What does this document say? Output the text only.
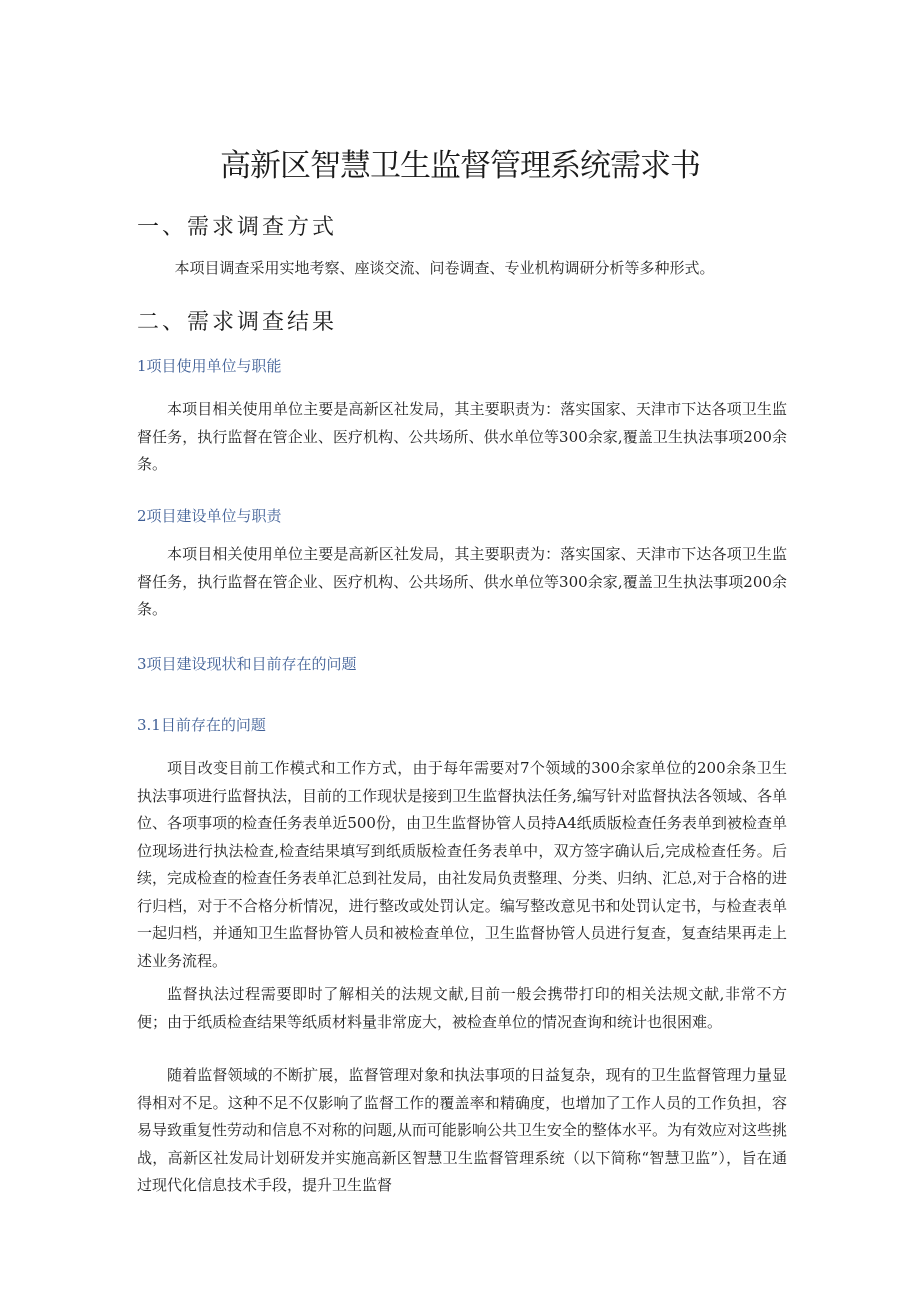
高新区智慧卫生监督管理系统需求书
一、需求调查方式

本项目调查采用实地考察、座谈交流、问卷调查、专业机构调研分析等多种形式。

二、需求调查结果
1项目使用单位与职能

本项目相关使用单位主要是高新区社发局，其主要职责为：落实国家、天津市下达各项卫生监督任务，执行监督在管企业、医疗机构、公共场所、供水单位等300余家,覆盖卫生执法事项200余条。

2项目建设单位与职责

本项目相关使用单位主要是高新区社发局，其主要职责为：落实国家、天津市下达各项卫生监督任务，执行监督在管企业、医疗机构、公共场所、供水单位等300余家,覆盖卫生执法事项200余条。

3项目建设现状和目前存在的问题
3.1目前存在的问题

项目改变目前工作模式和工作方式，由于每年需要对7个领域的300余家单位的200余条卫生执法事项进行监督执法，目前的工作现状是接到卫生监督执法任务,编写针对监督执法各领域、各单位、各项事项的检查任务表单近500份，由卫生监督协管人员持A4纸质版检查任务表单到被检查单位现场进行执法检查,检查结果填写到纸质版检查任务表单中，双方签字确认后,完成检查任务。后续，完成检查的检查任务表单汇总到社发局，由社发局负责整理、分类、归纳、汇总,对于合格的进行归档，对于不合格分析情况，进行整改或处罚认定。编写整改意见书和处罚认定书，与检查表单一起归档，并通知卫生监督协管人员和被检查单位，卫生监督协管人员进行复查，复查结果再走上述业务流程。

监督执法过程需要即时了解相关的法规文献,目前一般会携带打印的相关法规文献,非常不方便；由于纸质检查结果等纸质材料量非常庞大，被检查单位的情况查询和统计也很困难。

随着监督领域的不断扩展，监督管理对象和执法事项的日益复杂，现有的卫生监督管理力量显得相对不足。这种不足不仅影响了监督工作的覆盖率和精确度，也增加了工作人员的工作负担，容易导致重复性劳动和信息不对称的问题,从而可能影响公共卫生安全的整体水平。为有效应对这些挑战，高新区社发局计划研发并实施高新区智慧卫生监督管理系统（以下简称“智慧卫监”），旨在通过现代化信息技术手段，提升卫生监督
